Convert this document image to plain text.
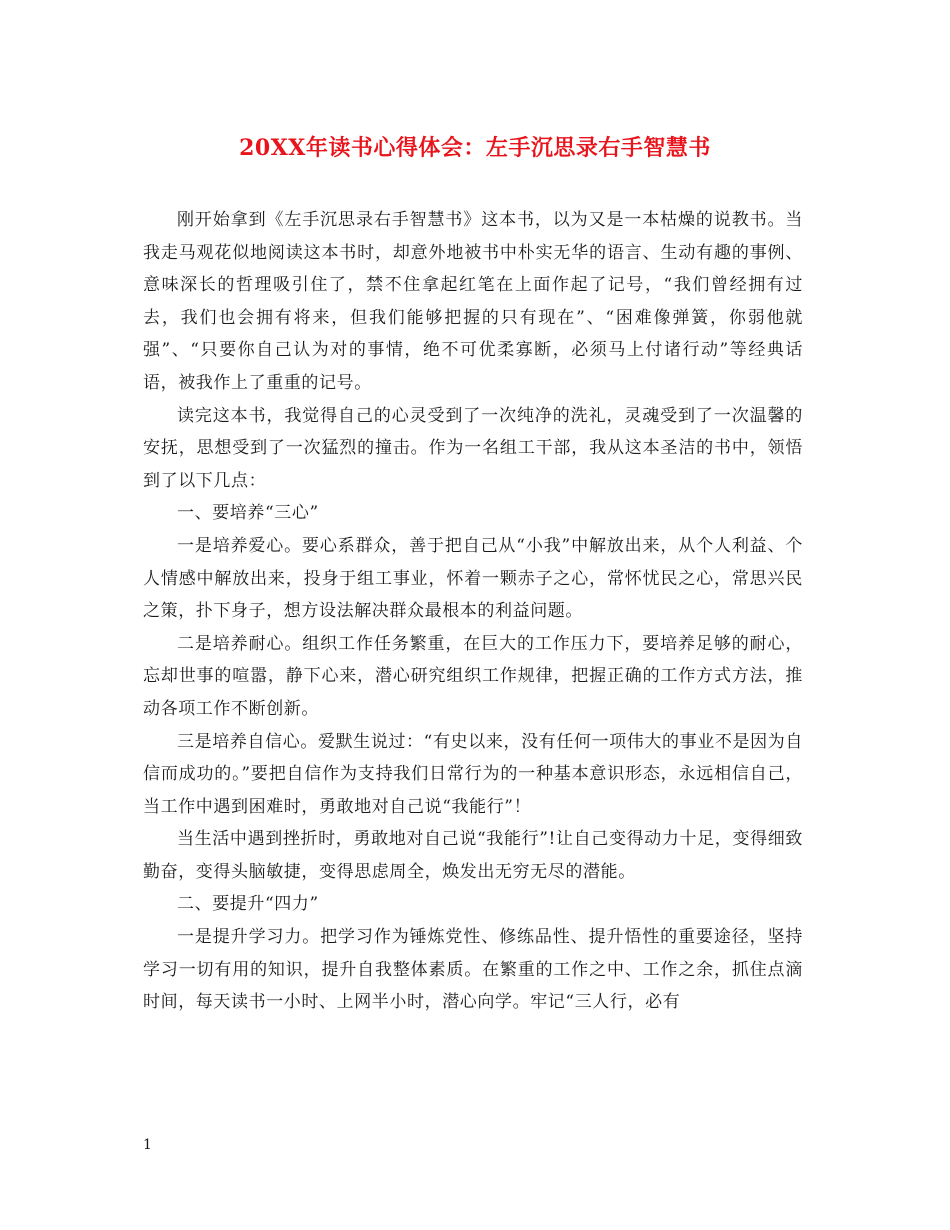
20XX年读书心得体会：左手沉思录右手智慧书

刚开始拿到《左手沉思录右手智慧书》这本书，以为又是一本枯燥的说教书。当我走马观花似地阅读这本书时，却意外地被书中朴实无华的语言、生动有趣的事例、意味深长的哲理吸引住了，禁不住拿起红笔在上面作起了记号，“我们曾经拥有过去，我们也会拥有将来，但我们能够把握的只有现在”、“困难像弹簧，你弱他就强”、“只要你自己认为对的事情，绝不可优柔寡断，必须马上付诸行动”等经典话语，被我作上了重重的记号。

读完这本书，我觉得自己的心灵受到了一次纯净的洗礼，灵魂受到了一次温馨的安抚，思想受到了一次猛烈的撞击。作为一名组工干部，我从这本圣洁的书中，领悟到了以下几点：

一、要培养“三心”

一是培养爱心。要心系群众，善于把自己从“小我”中解放出来，从个人利益、个人情感中解放出来，投身于组工事业，怀着一颗赤子之心，常怀忧民之心，常思兴民之策，扑下身子，想方设法解决群众最根本的利益问题。

二是培养耐心。组织工作任务繁重，在巨大的工作压力下，要培养足够的耐心，忘却世事的喧嚣，静下心来，潜心研究组织工作规律，把握正确的工作方式方法，推动各项工作不断创新。

三是培养自信心。爱默生说过：“有史以来，没有任何一项伟大的事业不是因为自信而成功的。”要把自信作为支持我们日常行为的一种基本意识形态，永远相信自己，当工作中遇到困难时，勇敢地对自己说“我能行”！

当生活中遇到挫折时，勇敢地对自己说“我能行”!让自己变得动力十足，变得细致勤奋，变得头脑敏捷，变得思虑周全，焕发出无穷无尽的潜能。

二、要提升“四力”

一是提升学习力。把学习作为锤炼党性、修练品性、提升悟性的重要途径，坚持学习一切有用的知识，提升自我整体素质。在繁重的工作之中、工作之余，抓住点滴时间，每天读书一小时、上网半小时，潜心向学。牢记“三人行，必有

1
